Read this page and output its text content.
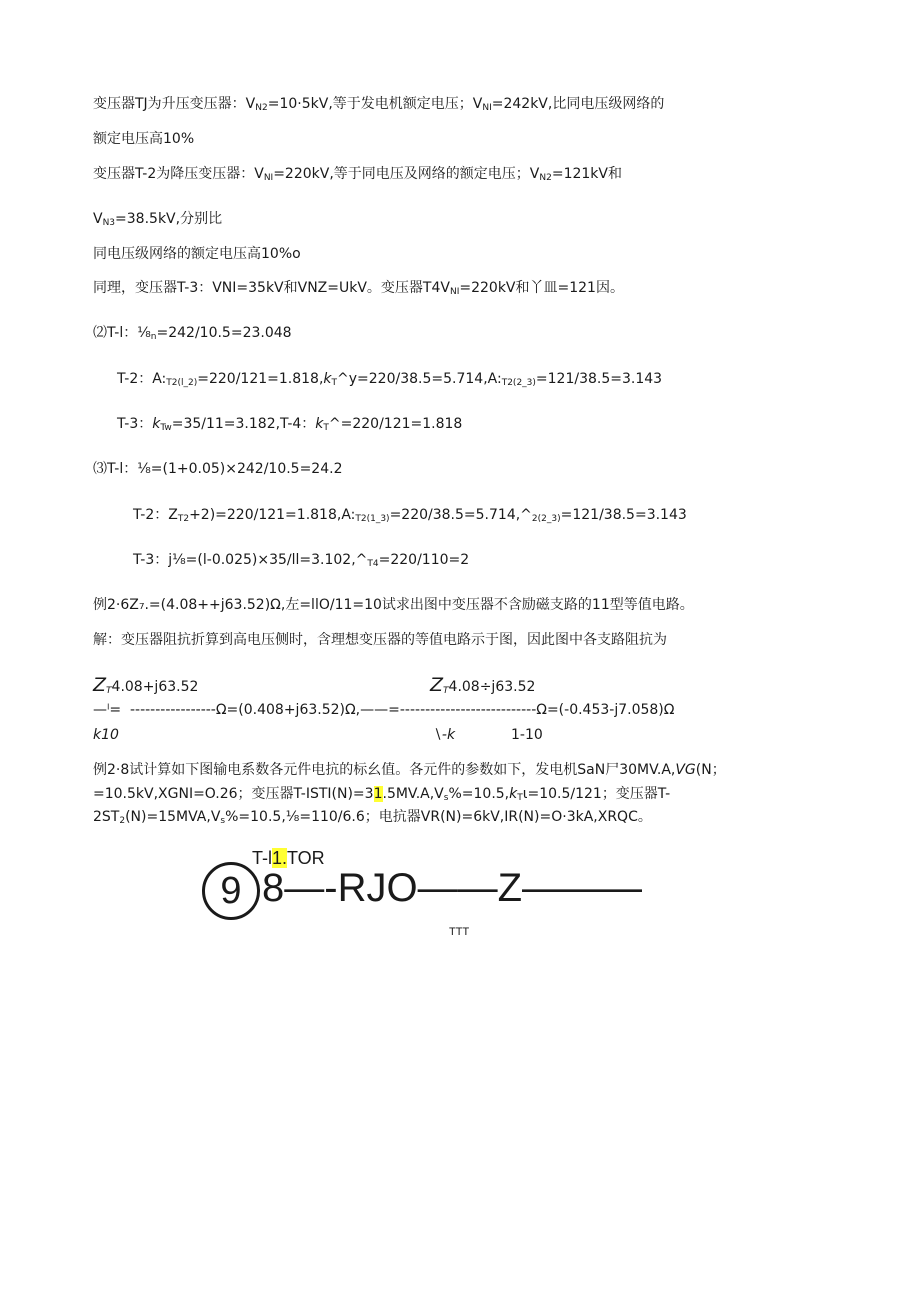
变压器TJ为升压变压器：$V_{N2}=10\cdot 5kV$,等于发电机额定电压；$V_{NI}=242kV$,比同电压级网络的
额定电压高10%
变压器T-2为降压变压器：$V_{NI}=220kV$,等于同电压及网络的额定电压；$V_{N2}=121kV$和
$V_{N3}=38.5kV$,分别比
同电压级网络的额定电压高10%o
同理，变压器T-3：VNI=35kV和VNZ=UkV。变压器$T4V_{NI}=220kV$和丫皿=121因。
⑵T-l：$\frac{1}{8}_n=242/10.5=23.048$
T-2：$A:_{T2(l\_2)}=220/121=1.818,k_T\^{}y=220/38.5=5.714,A:_{T2(2\_3)}=121/38.5=3.143$
T-3：$k_{Tw}=35/11=3.182,T-4$：$k_T\^{}=220/121=1.818$
⑶T-l：⅛=(1+0.05)×242/10.5=24.2
T-2：$Z_{T2}+2)=220/121=1.818,A:_{T2(1\_3)}=220/38.5=5.714,\^{}_{2(2\_3)}=121/38.5=3.143$
T-3：$j\frac{1}{8}=(l-0.025)\times 35∕ll=3.102,\^{}_{T4}=220/110=2$
例2·6Z₇.=(4.08++j63.52)Ω,左=llO/11=10试求出图中变压器不含励磁支路的11型等值电路。
解：变压器阻抗折算到高电压侧时，含理想变压器的等值电路示于图，因此图中各支路阻抗为
$Z_T4.08+j63.52$	$Z_T4.08\div j63.52$
—ˡ= -----------------Ω=(0.408+j63.52)Ω,——=---------------------------Ω=(-0.453-j7.058)Ω
k10	∖-k	1-10
例2·8试计算如下图输电系数各元件电抗的标幺值。各元件的参数如下，发电机SaN尸30MV.A,VG(N；
=10.5kV,XGNI=O.26；变压器$T-ISTI(N)=31.5MV.A,V_s\%=10.5,k_T\iota=10.5∕121$；变压器T-
$2ST_2(N)=15MVA,V_s\%=10.5,\frac{1}{8}=110/6.6$；电抗器VR(N)=6kV,IR(N)=O·3kA,XRQC。
T-l1.TOR
9 8—-RJO——Z———
TTT
